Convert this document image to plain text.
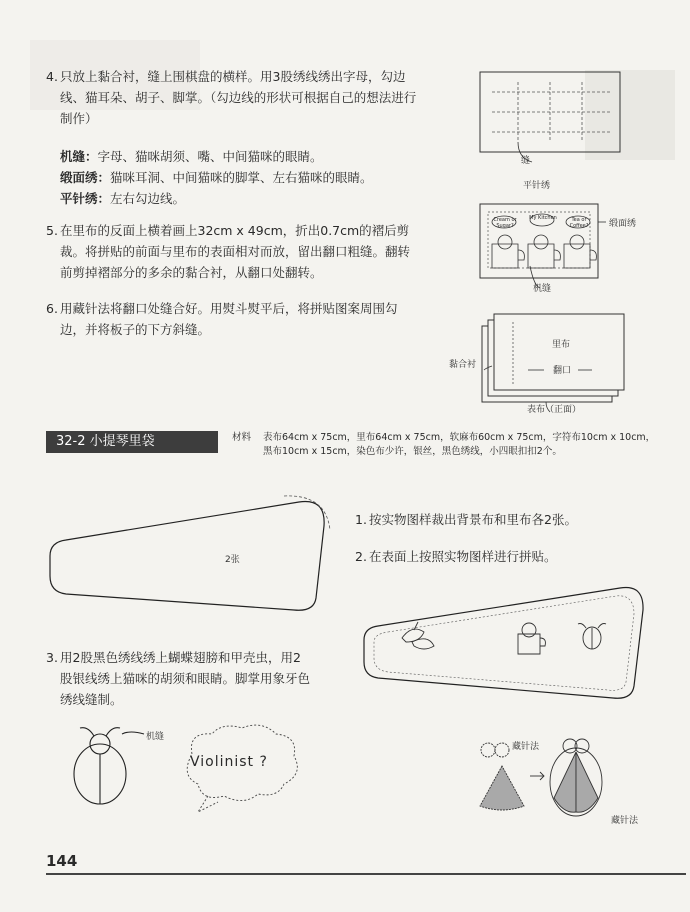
4. 只放上黏合衬，缝上围棋盘的横样。用3股绣线绣出字母，勾边线、猫耳朵、胡子、脚掌。（勾边线的形状可根据自己的想法进行制作）
机缝：字母、猫咪胡须、嘴、中间猫咪的眼睛。
缎面绣：猫咪耳洞、中间猫咪的脚掌、左右猫咪的眼睛。
平针绣：左右勾边线。
5. 在里布的反面上横着画上32cm x 49cm，折出0.7cm的褶后剪裁。将拼贴的前面与里布的表面相对而放，留出翻口粗缝。翻转前剪掉褶部分的多余的黏合衬，从翻口处翻转。
6. 用藏针法将翻口处缝合好。用熨斗熨平后，将拼贴图案周围勾边，并将板子的下方斜缝。
缝
平针绣
Cream or Sugar?
My Kitchen	Tea or Coffee?	缎面绣
机缝
里布
翻口
黏合衬
表布（正面）
32-2 小提琴里袋	材料 表布64cm x 75cm，里布64cm x 75cm，软麻布60cm x 75cm，字符布10cm x 10cm，黑布10cm x 15cm，染色布少许，银丝，黑色绣线，小四眼扣扣2个。
2张
1. 按实物图样裁出背景布和里布各2张。
2. 在表面上按照实物图样进行拼贴。
3. 用2股黑色绣线绣上蝴蝶翅膀和甲壳虫，用2股银线绣上猫咪的胡须和眼睛。脚掌用象牙色绣线缝制。
机缝
Violinist ?
藏针法
藏针法
144
